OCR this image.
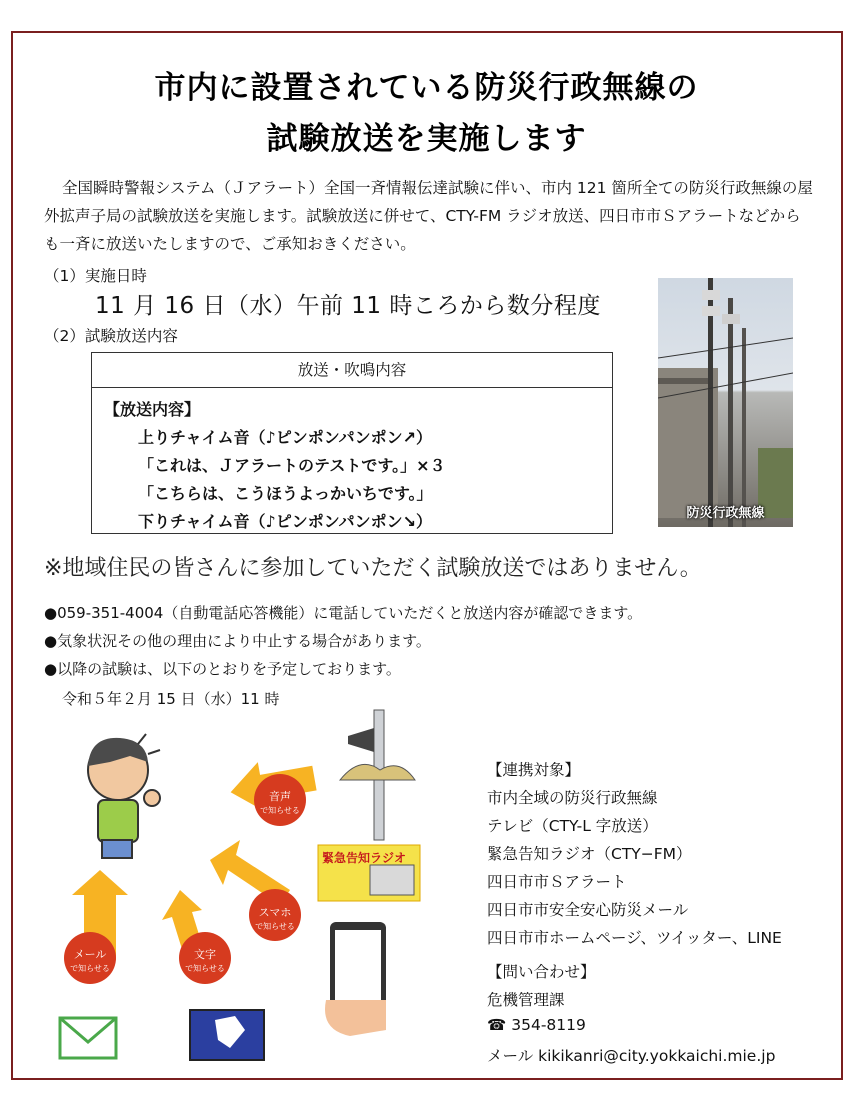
市内に設置されている防災行政無線の
試験放送を実施します
全国瞬時警報システム（Ｊアラート）全国一斉情報伝達試験に伴い、市内 121 箇所全ての防災行政無線の屋外拡声子局の試験放送を実施します。試験放送に併せて、CTY-FM ラジオ放送、四日市市Ｓアラートなどからも一斉に放送いたしますので、ご承知おきください。
（1）実施日時
11 月 16 日（水）午前 11 時ころから数分程度
（2）試験放送内容
放送・吹鳴内容
【放送内容】
上りチャイム音（♪ピンポンパンポン↗）
「これは、Ｊアラートのテストです。」×３
「こちらは、こうほうよっかいちです。」
下りチャイム音（♪ピンポンパンポン↘）	防災行政無線
※地域住民の皆さんに参加していただく試験放送ではありません。
●059-351-4004（自動電話応答機能）に電話していただくと放送内容が確認できます。
●気象状況その他の理由により中止する場合があります。
●以降の試験は、以下のとおりを予定しております。
令和５年２月 15 日（水）11 時
緊急告知ラジオ
音声
で知らせる
スマホ
で知らせる
文字
で知らせる
メール
で知らせる
【連携対象】
市内全域の防災行政無線
テレビ（CTY-L 字放送）
緊急告知ラジオ（CTY−FM）
四日市市Ｓアラート
四日市市安全安心防災メール
四日市市ホームページ、ツイッター、LINE
【問い合わせ】
危機管理課
☎ 354-8119
メール kikikanri@city.yokkaichi.mie.jp
